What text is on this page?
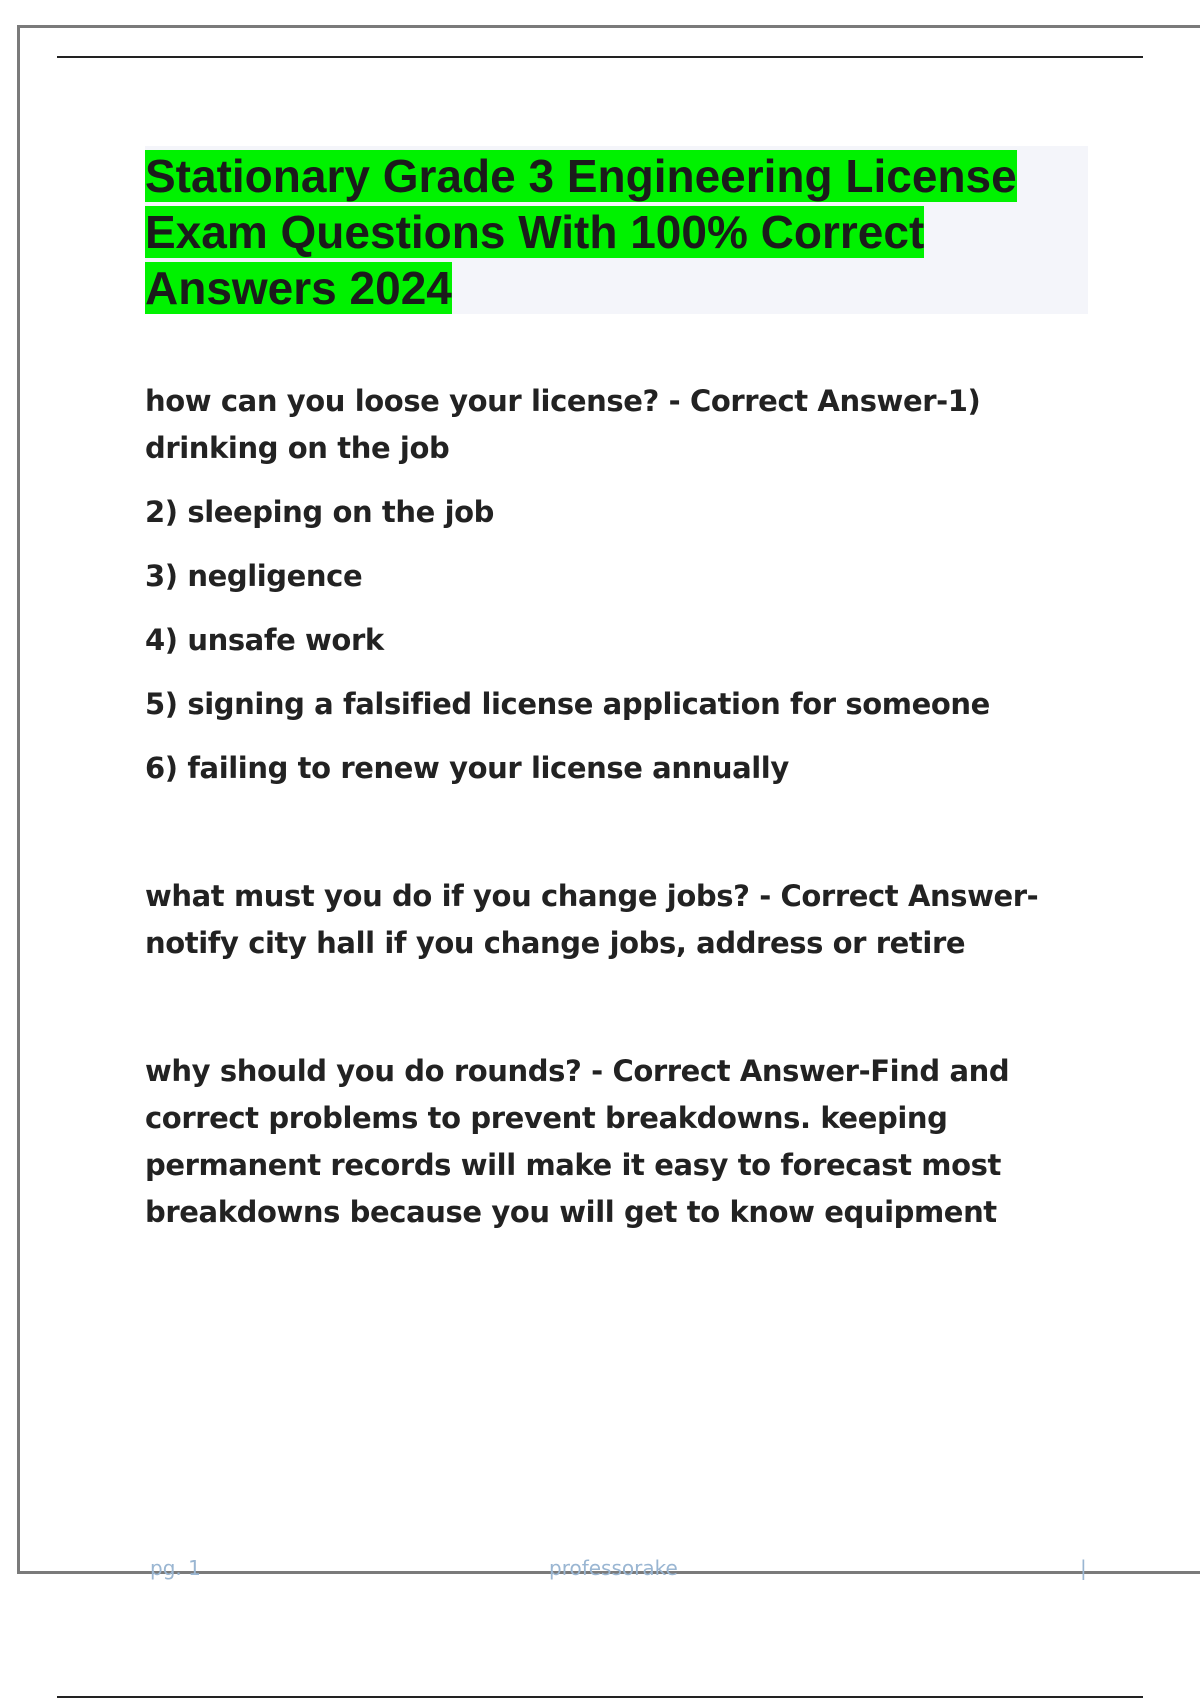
Stationary Grade 3 Engineering License Exam Questions With 100% Correct Answers 2024

how can you loose your license? - Correct Answer-1) drinking on the job

2) sleeping on the job

3) negligence

4) unsafe work

5) signing a falsified license application for someone

6) failing to renew your license annually

what must you do if you change jobs? - Correct Answer-notify city hall if you change jobs, address or retire

why should you do rounds? - Correct Answer-Find and correct problems to prevent breakdowns. keeping permanent records will make it easy to forecast most breakdowns because you will get to know equipment

pg. 1	professorake	|
